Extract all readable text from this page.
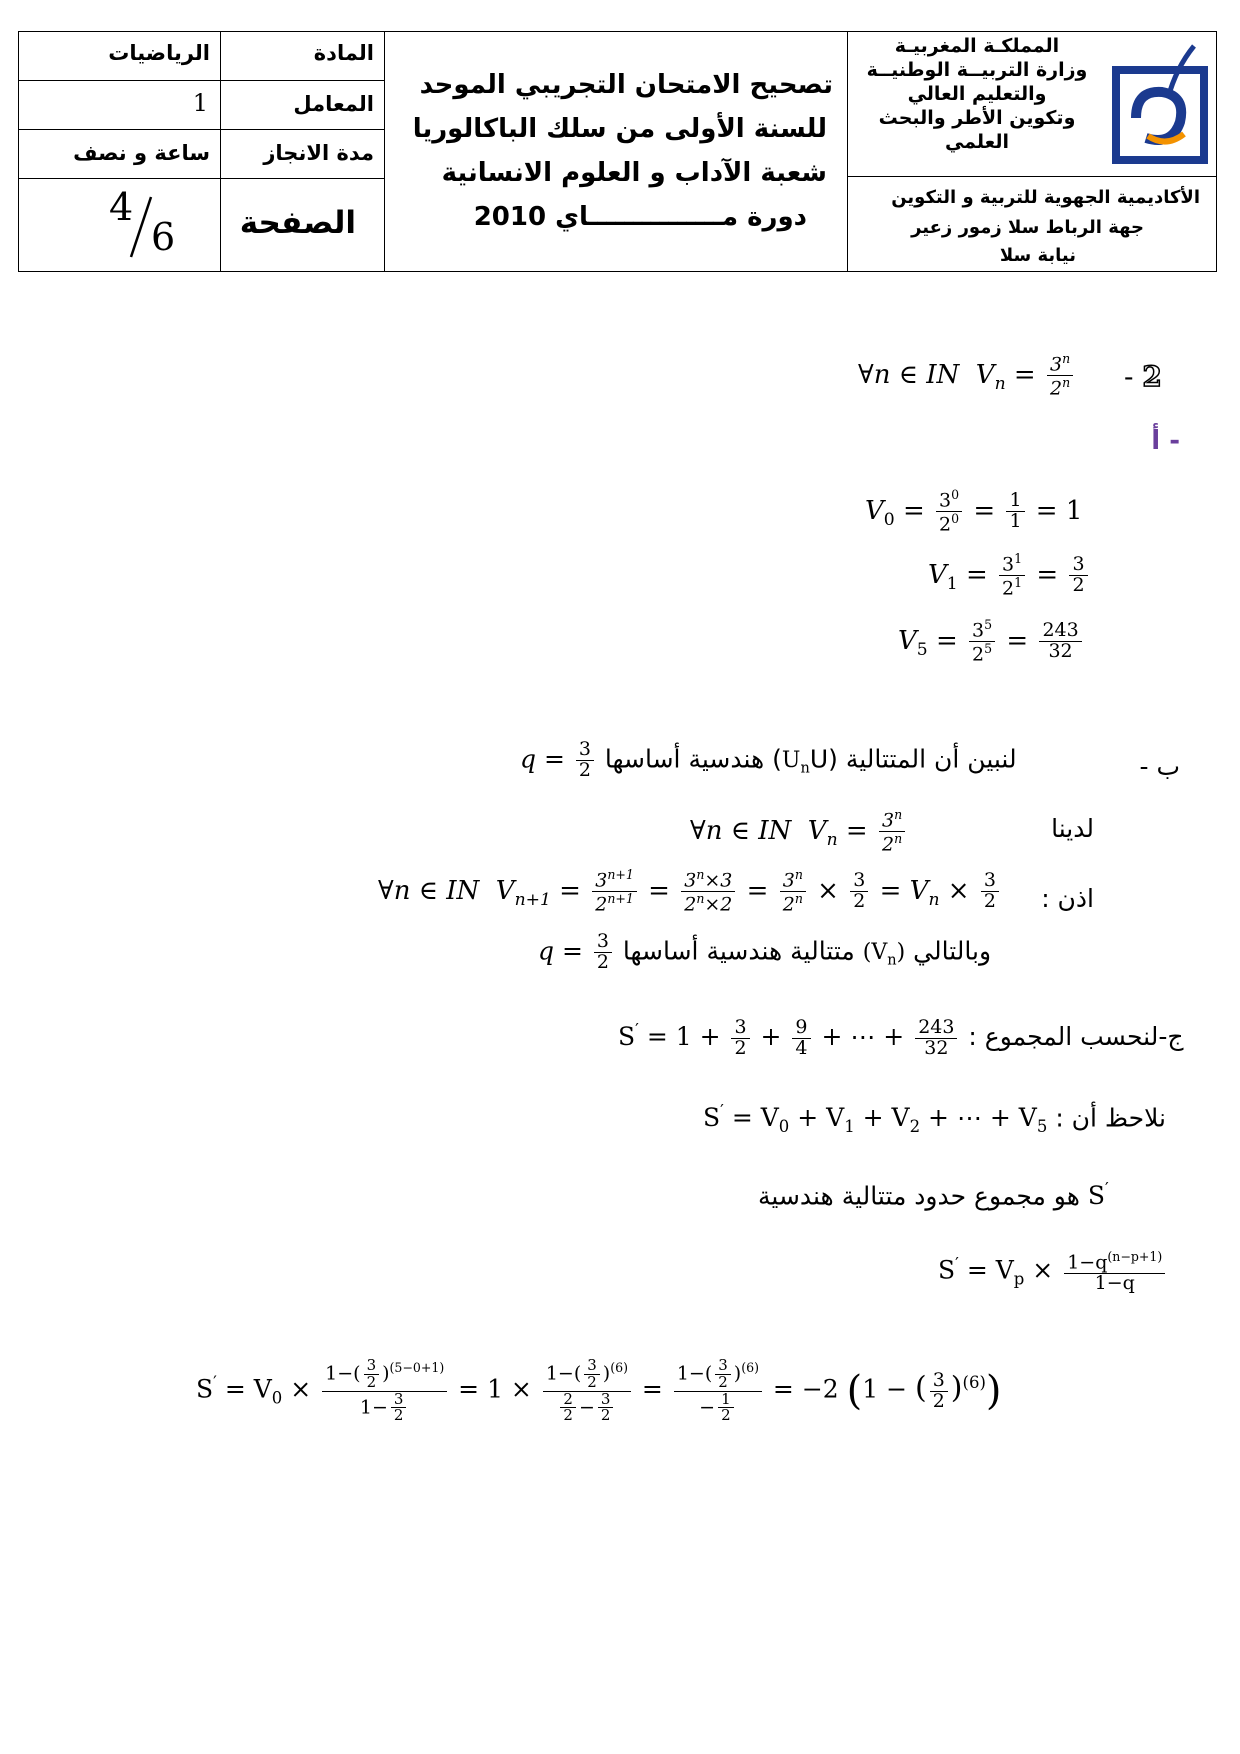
الرياضيات	المادة
1	المعامل
ساعة و نصف	مدة الانجاز
4
6 الصفحة
تصحيح الامتحان التجريبي الموحد
للسنة الأولى من سلك الباكالوريا
شعبة الآداب و العلوم الانسانية
دورة مـــــــــــــــاي 2010
المملكـة المغربيـة
وزارة التربيــة الوطنيــة
والتعليم العالي
وتكوين الأطر والبحث
العلمي
الأكاديمية الجهوية للتربية و التكوين
جهة الرباط سلا زمور زعير
نيابة سلا
∀n ∈ IN $V_n = \frac{3^n}{2^n} - 2$
- أ
$V_0 = \frac{3^0}{2^0} = \frac{1}{1} = 1$
$V_1 = \frac{3^1}{2^1} = \frac{3}{2}$
$V_5 = \frac{3^5}{2^5} = \frac{243}{32}$
ب -
$q = \frac{3}{2}$ ) هندسية أساسهاU$_n$لنبين أن المتتالية (U
∀n ∈ IN $V_n = \frac{3^n}{2^n}$	لدينا
∀n ∈ IN $V_{n+1} = \frac{3^{n+1}}{2^{n+1}} = \frac{3^n\times 3}{2^n\times 2} = \frac{3^n}{2^n} \times \frac{3}{2} = V_n \times \frac{3}{2}$ اذن :
$q = \frac{3}{2}$ متتالية هندسية أساسها $(V_n)$ وبالتالي
$S' = 1 + \frac{3}{2} + \frac{9}{4}$ + ⋯ + $\frac{243}{32}$ ج-لنحسب المجموع :
$S' = V_0 + V_1 + V_2$ + ⋯ + $V_5$ نلاحظ أن :
هو مجموع حدود متتالية هندسية S′
$S' = V_p \times \frac{1-q^{(n-p+1)}}{1-q}$
$S' = V_0 \times \frac{1-( \frac{3}{2} )^{(5-0+1)}}{1- \frac{3}{2}} = 1 \times \frac{1-( \frac{3}{2} )^{(6)}}{\frac{2}{2} - \frac{3}{2}} = \frac{1-( \frac{3}{2} )^{(6)}}{- \frac{1}{2}} = -2$ (1 − ( $\frac{3}{2} )^{(6)}$)
